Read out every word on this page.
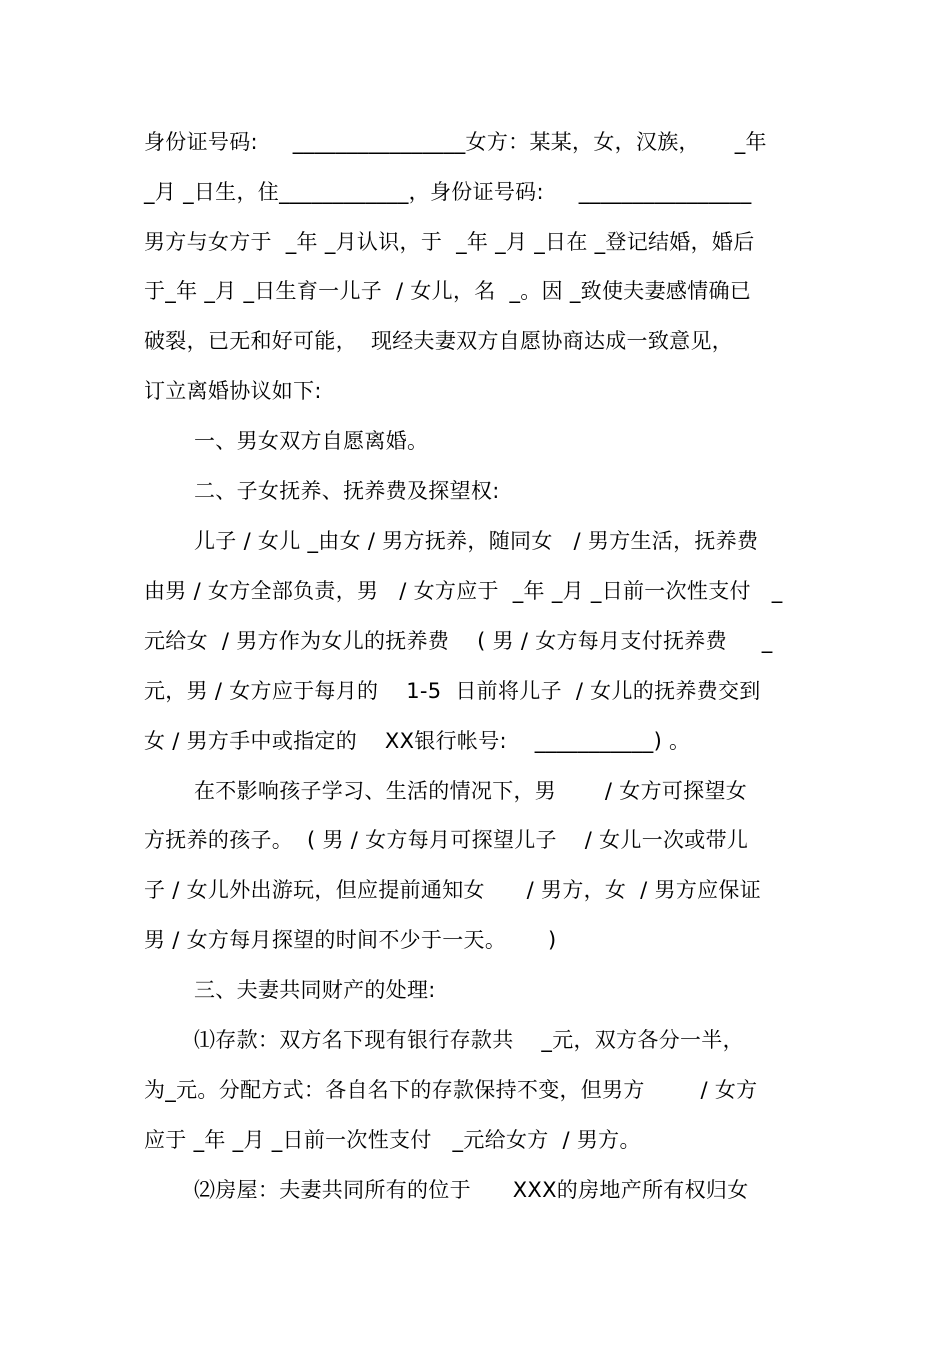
身份证号码:     ________________女方：某某，女，汉族，     _年
_月 _日生，住____________，身份证号码:     ________________
男方与女方于  _年 _月认识，于  _年 _月 _日在 _登记结婚，婚后
于_年 _月 _日生育一儿子  / 女儿，名  _。因 _致使夫妻感情确已
破裂，已无和好可能，  现经夫妻双方自愿协商达成一致意见，
订立离婚协议如下:
一、男女双方自愿离婚。
二、子女抚养、抚养费及探望权:
儿子 / 女儿 _由女 / 男方抚养，随同女   / 男方生活，抚养费
由男 / 女方全部负责，男   / 女方应于  _年 _月 _日前一次性支付   _
元给女  / 男方作为女儿的抚养费    ( 男 / 女方每月支付抚养费     _
元，男 / 女方应于每月的    1-5  日前将儿子  / 女儿的抚养费交到
女 / 男方手中或指定的    XX银行帐号:    ___________) 。
在不影响孩子学习、生活的情况下，男       / 女方可探望女
方抚养的孩子。  ( 男 / 女方每月可探望儿子    / 女儿一次或带儿
子 / 女儿外出游玩，但应提前通知女      / 男方，女  / 男方应保证
男 / 女方每月探望的时间不少于一天。      )
三、夫妻共同财产的处理:
⑴存款：双方名下现有银行存款共    _元，双方各分一半，
为_元。分配方式：各自名下的存款保持不变，但男方        / 女方
应于 _年 _月 _日前一次性支付   _元给女方  / 男方。
⑵房屋：夫妻共同所有的位于      XXX的房地产所有权归女
